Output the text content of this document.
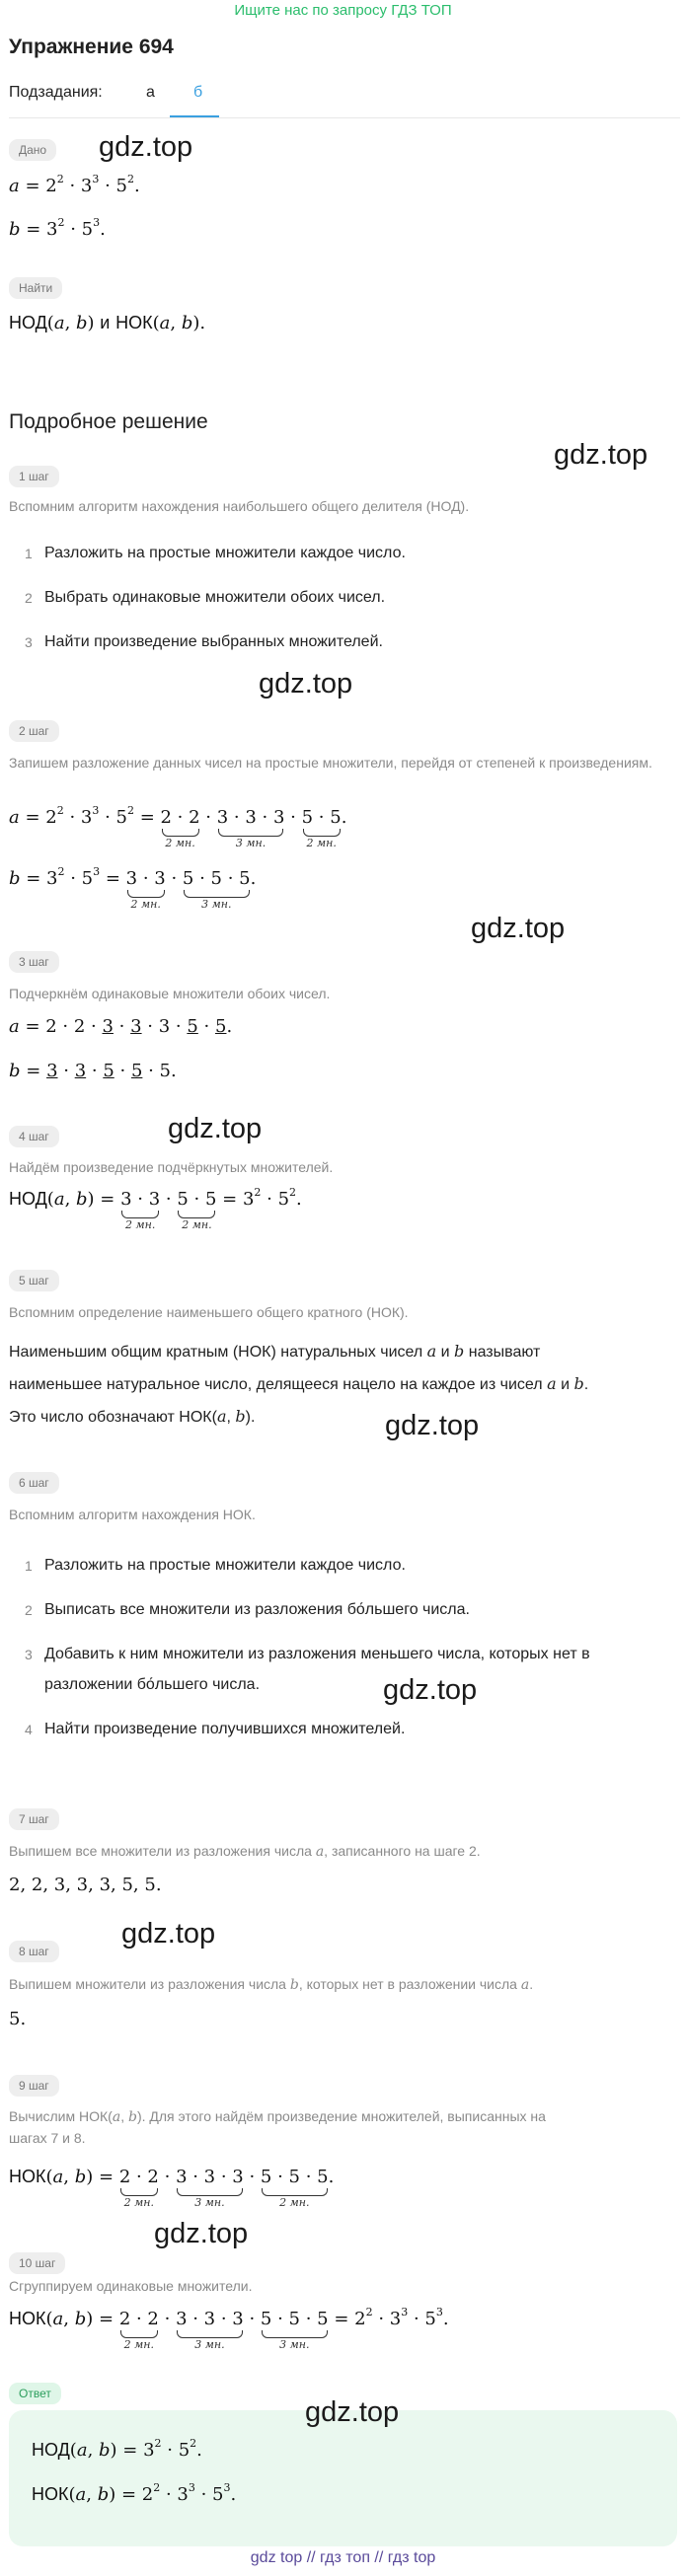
Ищите нас по запросу ГДЗ ТОП
Упражнение 694
Подзадания:	а б
Дано	gdz.top
$a = 2^2 \cdot 3^3 \cdot 5^2$.
$b = 3^2 \cdot 5^3$.
Найти
НОД(a, b) и НОК(a, b).
Подробное решение
gdz.top
1 шаг
Вспомним алгоритм нахождения наибольшего общего делителя (НОД).
1 Разложить на простые множители каждое число.
2 Выбрать одинаковые множители обоих чисел.
3 Найти произведение выбранных множителей.
gdz.top
2 шаг
Запишем разложение данных чисел на простые множители, перейдя от степеней к произведениям.
$a = 2^2 \cdot 3^3 \cdot 5^2 = 2 \cdot 2$
2 мн.
· 3 · 3 · 3
3 мн.
· 5 · 5
2 мн.
.
$b = 3^2 \cdot 5^3 = 3 \cdot 3$
2 мн.
· 5 · 5 · 5
3 мн.
.
gdz.top
3 шаг
Подчеркнём одинаковые множители обоих чисел.
a = 2 · 2 · 3 · 3 · 3 · 5 · 5.
b = 3 · 3 · 5 · 5 · 5.
gdz.top
4 шаг
Найдём произведение подчёркнутых множителей.
НОД(a, b) = 3 · 3
2 мн.
· 5 · 5
2 мн.
= $3^2 \cdot 5^2$.
5 шаг
Вспомним определение наименьшего общего кратного (НОК).
Наименьшим общим кратным (НОК) натуральных чисел a и b называют
наименьшее натуральное число, делящееся нацело на каждое из чисел a и b.
Это число обозначают НОК(a, b).	gdz.top
6 шаг
Вспомним алгоритм нахождения НОК.
1 Разложить на простые множители каждое число.
2 Выписать все множители из разложения бо́льшего числа.
3 Добавить к ним множители из разложения меньшего числа, которых нет в
разложении бо́льшего числа.	gdz.top
4 Найти произведение получившихся множителей.
7 шаг
Выпишем все множители из разложения числа a, записанного на шаге 2.
2, 2, 3, 3, 3, 5, 5.
gdz.top
8 шаг
Выпишем множители из разложения числа b, которых нет в разложении числа a.
5.
9 шаг
Вычислим НОК(a, b). Для этого найдём произведение множителей, выписанных на
шагах 7 и 8.
НОК(a, b) = 2 · 2
2 мн.
· 3 · 3 · 3
3 мн.
· 5 · 5 · 5
2 мн.
.
gdz.top
10 шаг
Сгруппируем одинаковые множители.
НОК(a, b) = 2 · 2
2 мн.
· 3 · 3 · 3
3 мн.
· 5 · 5 · 5
3 мн.
= $2^2 \cdot 3^3 \cdot 5^3$.
Ответ
gdz.top
НОД(a, $b) = 3^2 \cdot 5^2$.
НОК(a, $b) = 2^2 \cdot 3^3 \cdot 5^3$.
gdz top // гдз топ // гдз top
